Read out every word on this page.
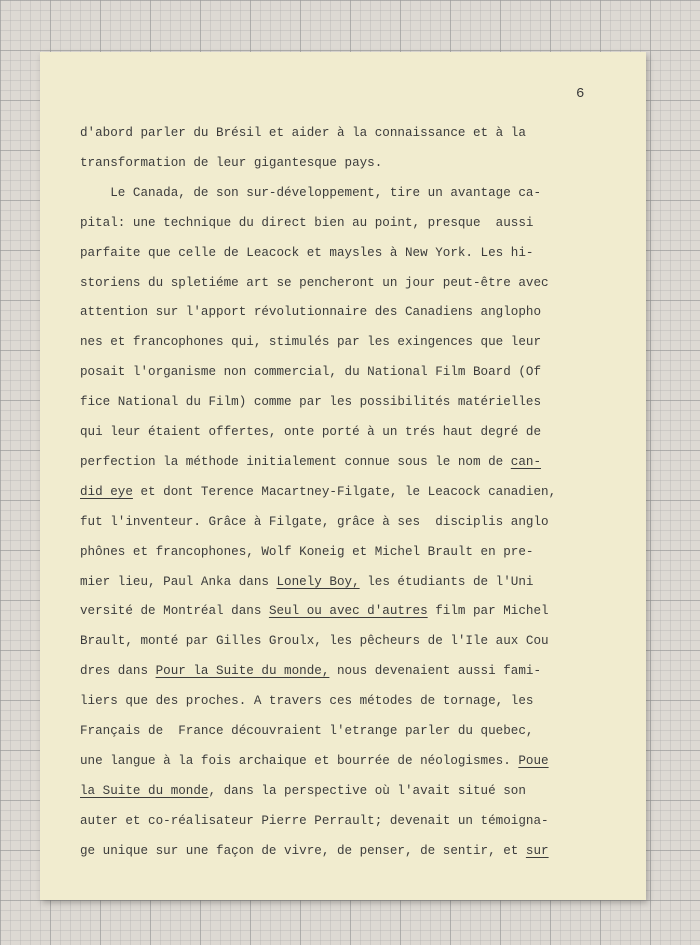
6
d'abord parler du Brésil et aider à la connaissance et à la
transformation de leur gigantesque pays.
Le Canada, de son sur-développement, tire un avantage ca-
pital: une technique du direct bien au point, presque  aussi
parfaite que celle de Leacock et maysles à New York. Les hi-
storiens du spletiéme art se pencheront un jour peut-être avec
attention sur l'apport révolutionnaire des Canadiens anglopho
nes et francophones qui, stimulés par les exingences que leur
posait l'organisme non commercial, du National Film Board (Of
fice National du Film) comme par les possibilités matérielles
qui leur étaient offertes, onte porté à un trés haut degré de
perfection la méthode initialement connue sous le nom de can-
did eye et dont Terence Macartney-Filgate, le Leacock canadien,
fut l'inventeur. Grâce à Filgate, grâce à ses  disciplis anglo
phônes et francophones, Wolf Koneig et Michel Brault en pre-
mier lieu, Paul Anka dans Lonely Boy, les étudiants de l'Uni
versité de Montréal dans Seul ou avec d'autres film par Michel
Brault, monté par Gilles Groulx, les pêcheurs de l'Ile aux Cou
dres dans Pour la Suite du monde, nous devenaient aussi fami-
liers que des proches. A travers ces métodes de tornage, les
Français de  France découvraient l'etrange parler du quebec,
une langue à la fois archaique et bourrée de néologismes. Poue
la Suite du monde, dans la perspective où l'avait situé son
auter et co-réalisateur Pierre Perrault; devenait un témoigna-
ge unique sur une façon de vivre, de penser, de sentir, et sur
